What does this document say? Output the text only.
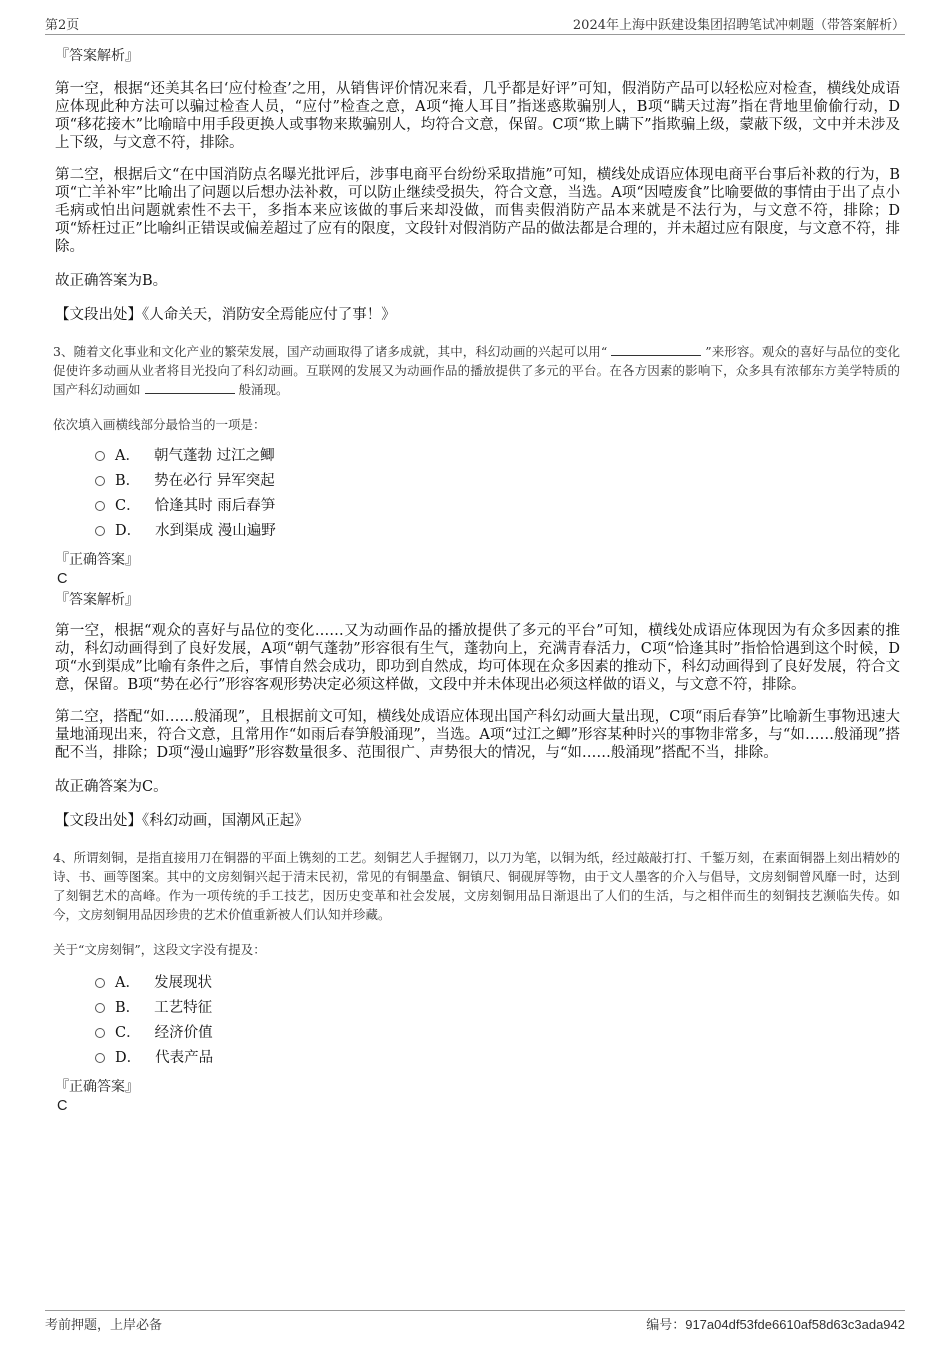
第2页	2024年上海中跃建设集团招聘笔试冲刺题（带答案解析）

『答案解析』

第一空，根据“还美其名曰‘应付检查’之用，从销售评价情况来看，几乎都是好评”可知，假消防产品可以轻松应对检查，横线处成语应体现此种方法可以骗过检查人员，“应付”检查之意，A项“掩人耳目”指迷惑欺骗别人，B项“瞒天过海”指在背地里偷偷行动，D项“移花接木”比喻暗中用手段更换人或事物来欺骗别人，均符合文意，保留。C项“欺上瞒下”指欺骗上级，蒙蔽下级，文中并未涉及上下级，与文意不符，排除。

第二空，根据后文“在中国消防点名曝光批评后，涉事电商平台纷纷采取措施”可知，横线处成语应体现电商平台事后补救的行为，B项“亡羊补牢”比喻出了问题以后想办法补救，可以防止继续受损失，符合文意，当选。A项“因噎废食”比喻要做的事情由于出了点小毛病或怕出问题就索性不去干，多指本来应该做的事后来却没做，而售卖假消防产品本来就是不法行为，与文意不符，排除；D项“矫枉过正”比喻纠正错误或偏差超过了应有的限度，文段针对假消防产品的做法都是合理的，并未超过应有限度，与文意不符，排除。

故正确答案为B。

【文段出处】《人命关天，消防安全焉能应付了事！》

3、随着文化事业和文化产业的繁荣发展，国产动画取得了诸多成就，其中，科幻动画的兴起可以用“	”来形容。观众的喜好与品位的变化促使许多动画从业者将目光投向了科幻动画。互联网的发展又为动画作品的播放提供了多元的平台。在各方因素的影响下，众多具有浓郁东方美学特质的国产科幻动画如	般涌现。

依次填入画横线部分最恰当的一项是：

A． 朝气蓬勃 过江之鲫
B． 势在必行 异军突起
C． 恰逢其时 雨后春笋
D． 水到渠成 漫山遍野

『正确答案』

C

『答案解析』

第一空，根据“观众的喜好与品位的变化……又为动画作品的播放提供了多元的平台”可知，横线处成语应体现因为有众多因素的推动，科幻动画得到了良好发展，A项“朝气蓬勃”形容很有生气，蓬勃向上，充满青春活力，C项“恰逢其时”指恰恰遇到这个时候，D项“水到渠成”比喻有条件之后，事情自然会成功，即功到自然成，均可体现在众多因素的推动下，科幻动画得到了良好发展，符合文意，保留。B项“势在必行”形容客观形势决定必须这样做，文段中并未体现出必须这样做的语义，与文意不符，排除。

第二空，搭配“如……般涌现”，且根据前文可知，横线处成语应体现出国产科幻动画大量出现，C项“雨后春笋”比喻新生事物迅速大量地涌现出来，符合文意，且常用作“如雨后春笋般涌现”，当选。A项“过江之鲫”形容某种时兴的事物非常多，与“如……般涌现”搭配不当，排除；D项“漫山遍野”形容数量很多、范围很广、声势很大的情况，与“如……般涌现”搭配不当，排除。

故正确答案为C。

【文段出处】《科幻动画，国潮风正起》

4、所谓刻铜，是指直接用刀在铜器的平面上镌刻的工艺。刻铜艺人手握钢刀，以刀为笔，以铜为纸，经过敲敲打打、千錾万刻，在素面铜器上刻出精妙的诗、书、画等图案。其中的文房刻铜兴起于清末民初，常见的有铜墨盒、铜镇尺、铜砚屏等物，由于文人墨客的介入与倡导，文房刻铜曾风靡一时，达到了刻铜艺术的高峰。作为一项传统的手工技艺，因历史变革和社会发展，文房刻铜用品日渐退出了人们的生活，与之相伴而生的刻铜技艺濒临失传。如今，文房刻铜用品因珍贵的艺术价值重新被人们认知并珍藏。

关于“文房刻铜”，这段文字没有提及：

A． 发展现状
B． 工艺特征
C． 经济价值
D． 代表产品

『正确答案』

C

考前押题，上岸必备	编号：917a04df53fde6610af58d63c3ada942
